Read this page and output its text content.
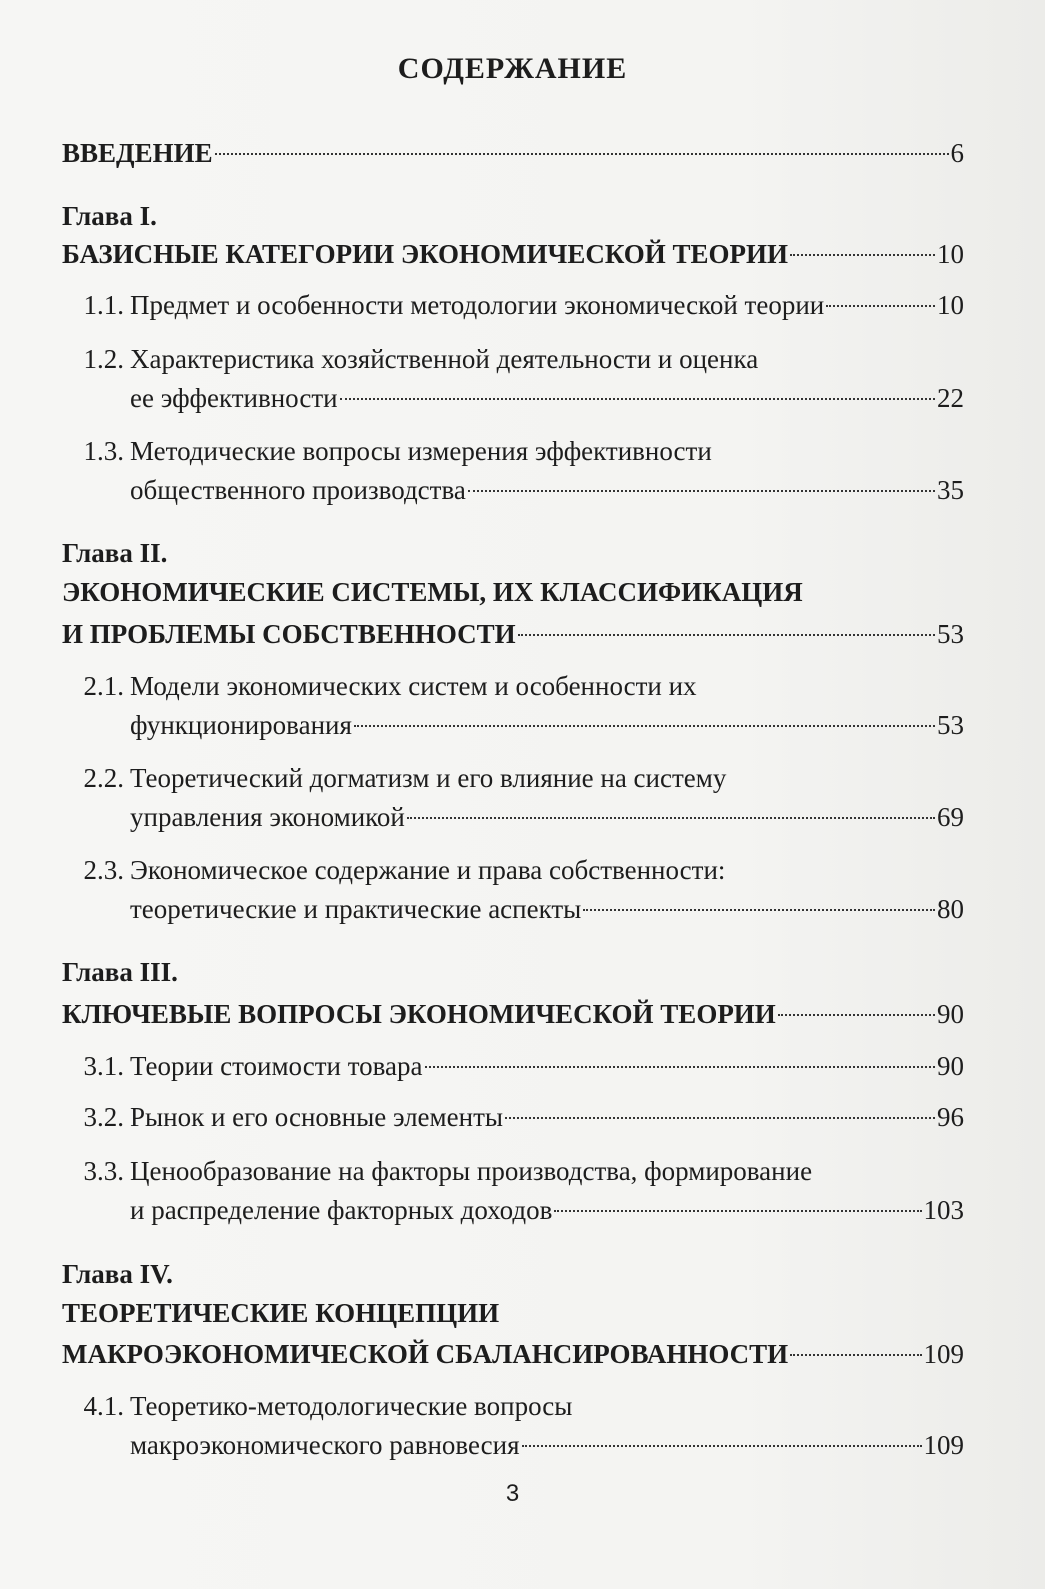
СОДЕРЖАНИЕ
ВВЕДЕНИЕ	6
Глава I.
БАЗИСНЫЕ КАТЕГОРИИ ЭКОНОМИЧЕСКОЙ ТЕОРИИ	10
1.1. Предмет и особенности методологии экономической теории	10
1.2. Характеристика хозяйственной деятельности и оценка
ее эффективности	22
1.3. Методические вопросы измерения эффективности
общественного производства	35
Глава II.
ЭКОНОМИЧЕСКИЕ СИСТЕМЫ, ИХ КЛАССИФИКАЦИЯ
И ПРОБЛЕМЫ СОБСТВЕННОСТИ	53
2.1. Модели экономических систем и особенности их
функционирования	53
2.2. Теоретический догматизм и его влияние на систему
управления экономикой	69
2.3. Экономическое содержание и права собственности:
теоретические и практические аспекты	80
Глава III.
КЛЮЧЕВЫЕ ВОПРОСЫ ЭКОНОМИЧЕСКОЙ ТЕОРИИ	90
3.1. Теории стоимости товара	90
3.2. Рынок и его основные элементы	96
3.3. Ценообразование на факторы производства, формирование
и распределение факторных доходов	103
Глава IV.
ТЕОРЕТИЧЕСКИЕ КОНЦЕПЦИИ
МАКРОЭКОНОМИЧЕСКОЙ СБАЛАНСИРОВАННОСТИ	109
4.1. Теоретико-методологические вопросы
макроэкономического равновесия	109
3
